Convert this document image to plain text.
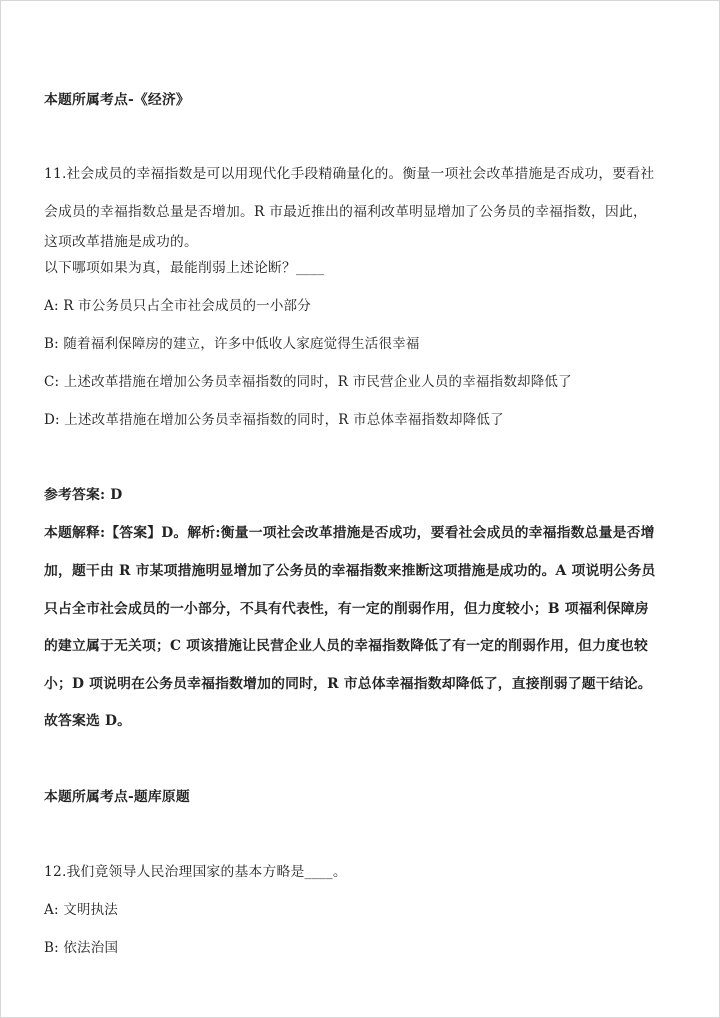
本题所属考点-《经济》
11.社会成员的幸福指数是可以用现代化手段精确量化的。衡量一项社会改革措施是否成功，要看社
会成员的幸福指数总量是否增加。R 市最近推出的福利改革明显增加了公务员的幸福指数，因此，
这项改革措施是成功的。
以下哪项如果为真，最能削弱上述论断？____
A: R 市公务员只占全市社会成员的一小部分
B: 随着福利保障房的建立，许多中低收人家庭觉得生活很幸福
C: 上述改革措施在增加公务员幸福指数的同时，R 市民营企业人员的幸福指数却降低了
D: 上述改革措施在增加公务员幸福指数的同时，R 市总体幸福指数却降低了
参考答案: D
本题解释:【答案】D。解析:衡量一项社会改革措施是否成功，要看社会成员的幸福指数总量是否增
加，题干由 R 市某项措施明显增加了公务员的幸福指数来推断这项措施是成功的。A 项说明公务员
只占全市社会成员的一小部分，不具有代表性，有一定的削弱作用，但力度较小；B 项福利保障房
的建立属于无关项；C 项该措施让民营企业人员的幸福指数降低了有一定的削弱作用，但力度也较
小；D 项说明在公务员幸福指数增加的同时，R 市总体幸福指数却降低了，直接削弱了题干结论。
故答案选 D。
本题所属考点-题库原题
12.我们竟领导人民治理国家的基本方略是____。
A: 文明执法
B: 依法治国
